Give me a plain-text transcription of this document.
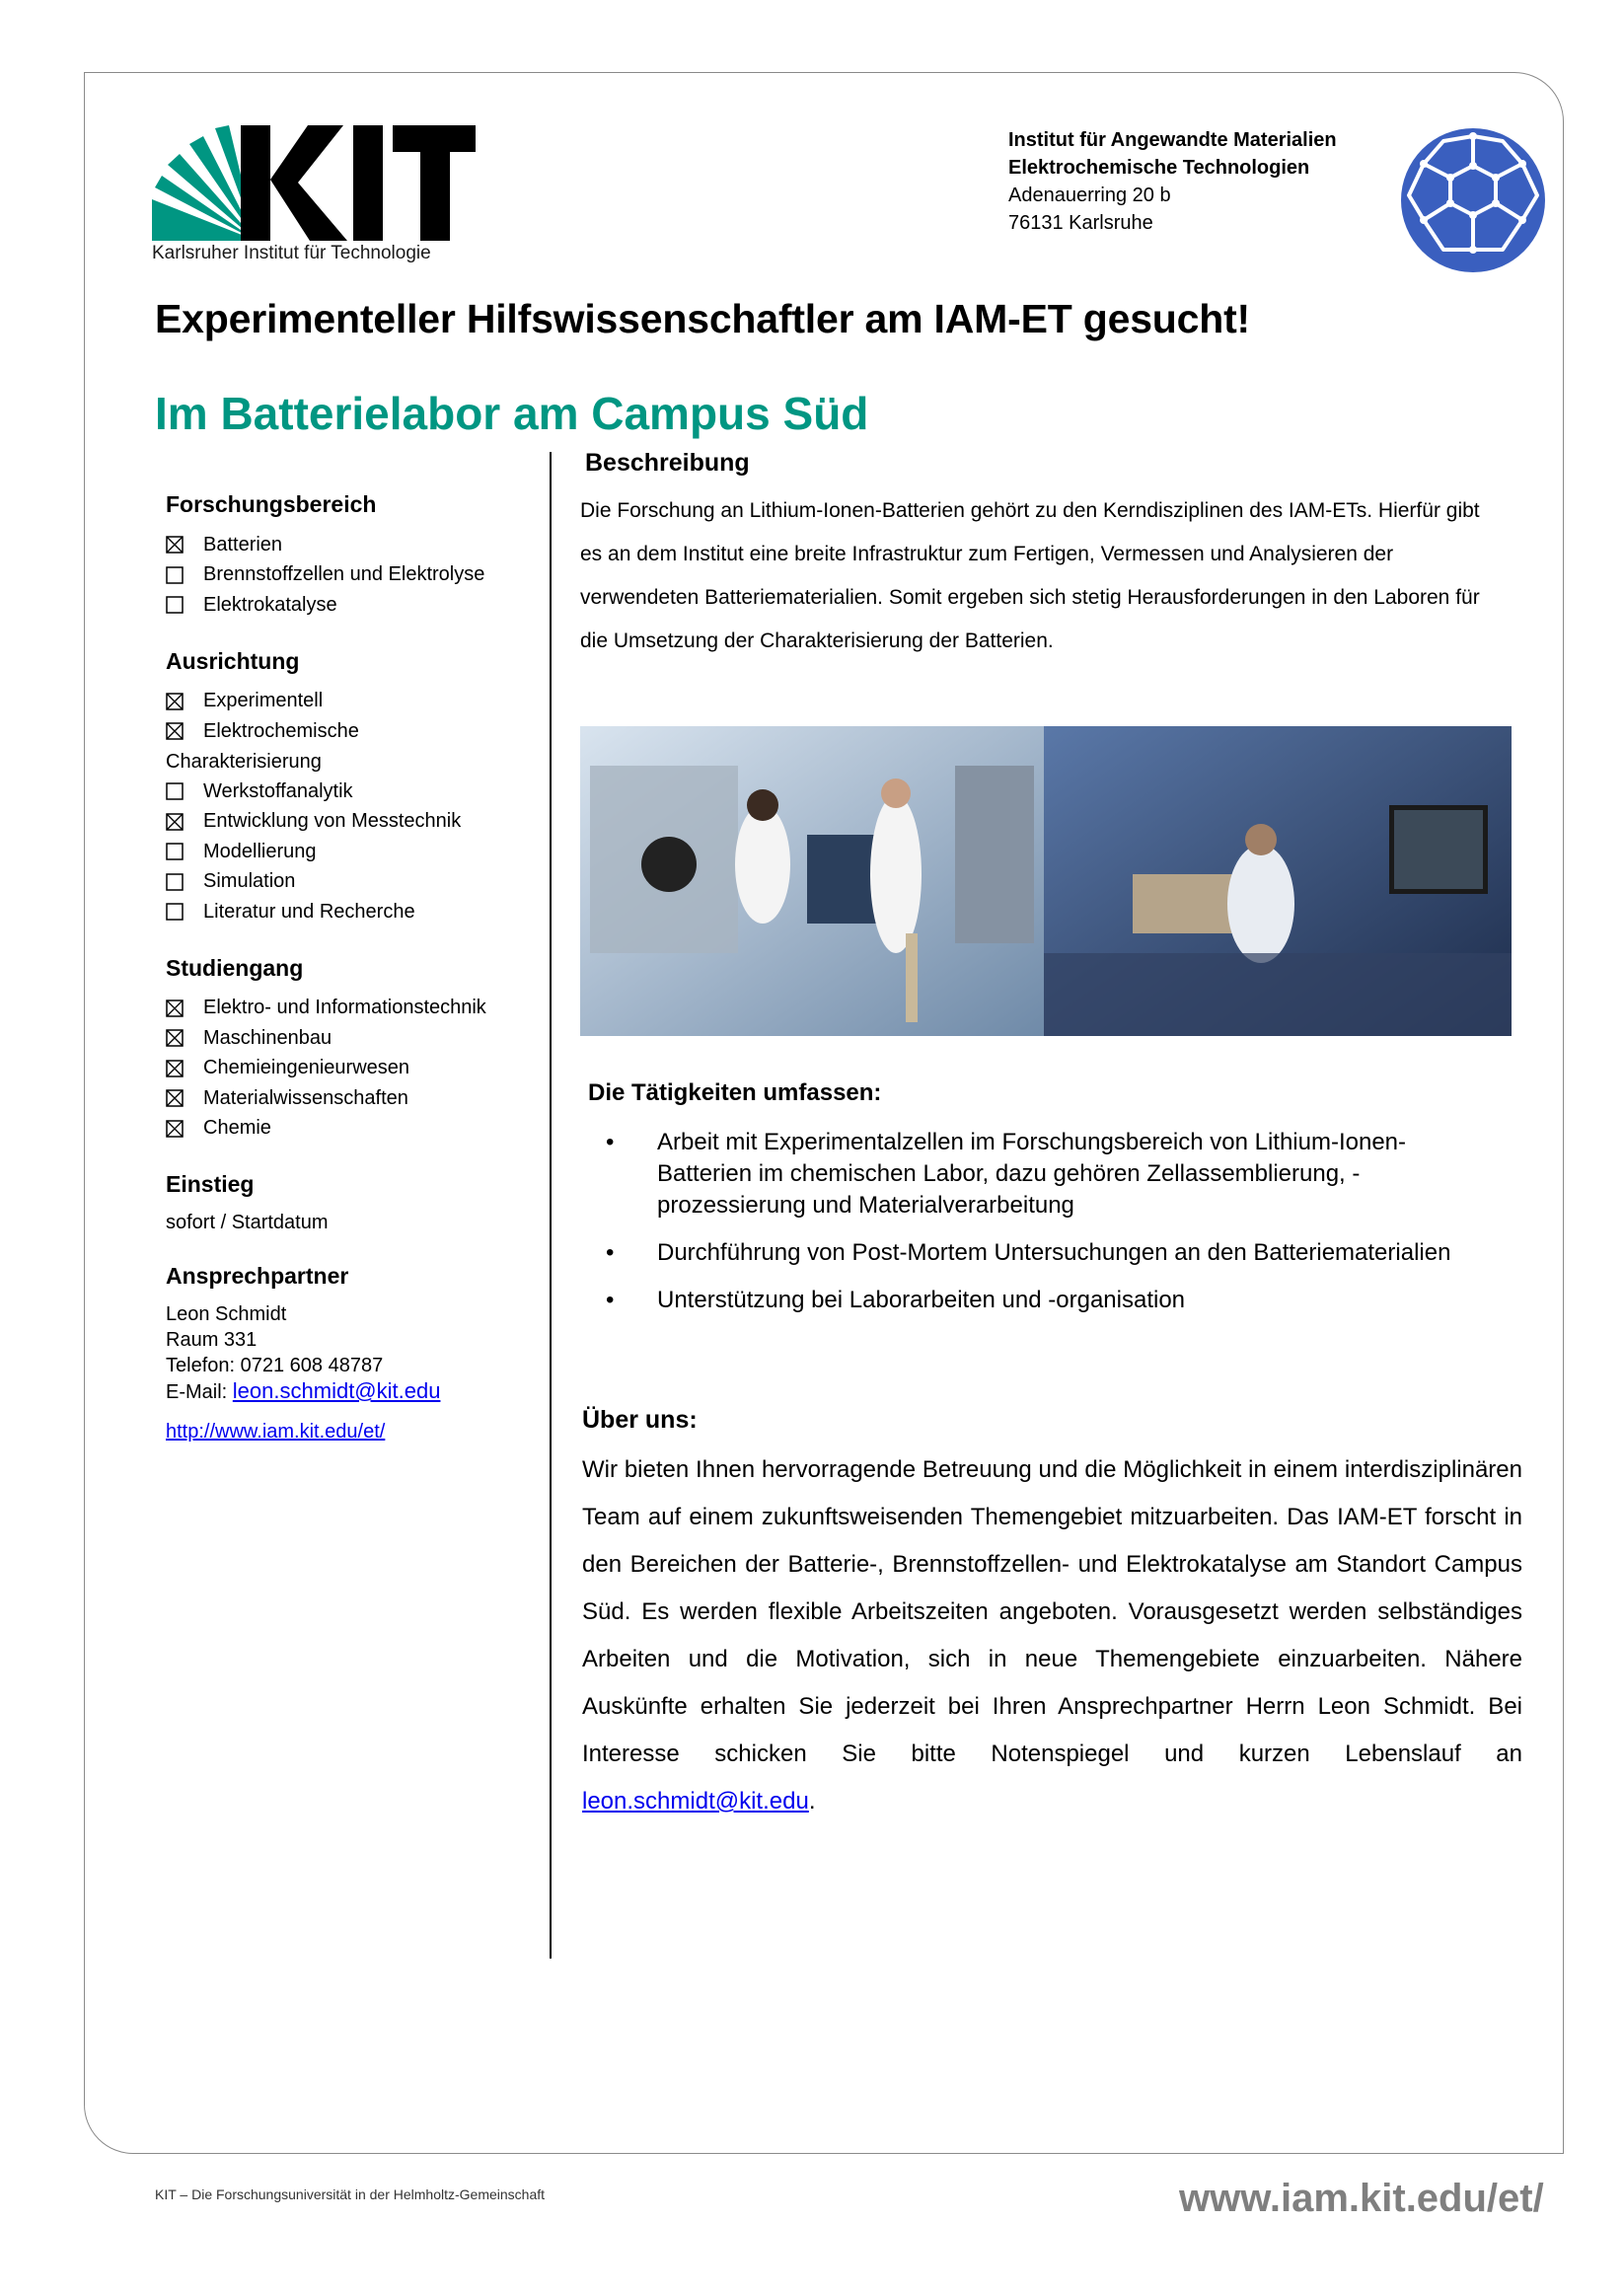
Karlsruher Institut für Technologie
Institut für Angewandte Materialien
Elektrochemische Technologien
Adenauerring 20 b
76131 Karlsruhe
Experimenteller Hilfswissenschaftler am IAM-ET gesucht!
Im Batterielabor am Campus Süd
Forschungsbereich
Batterien
Brennstoffzellen und Elektrolyse
Elektrokatalyse
Ausrichtung
Experimentell
Elektrochemische
Charakterisierung
Werkstoffanalytik
Entwicklung von Messtechnik
Modellierung
Simulation
Literatur und Recherche
Studiengang
Elektro- und Informationstechnik
Maschinenbau
Chemieingenieurwesen
Materialwissenschaften
Chemie
Einstieg

sofort / Startdatum

Ansprechpartner

Leon Schmidt

Raum 331

Telefon: 0721 608 48787

E-Mail: leon.schmidt@kit.edu

http://www.iam.kit.edu/et/

Beschreibung
Die Forschung an Lithium-Ionen-Batterien gehört zu den Kerndisziplinen des IAM-ETs. Hierfür gibt es an dem Institut eine breite Infrastruktur zum Fertigen, Vermessen und Analysieren der verwendeten Batteriematerialien. Somit ergeben sich stetig Herausforderungen in den Laboren für die Umsetzung der Charakterisierung der Batterien.
Die Tätigkeiten umfassen:
• Arbeit mit Experimentalzellen im Forschungsbereich von Lithium-Ionen-Batterien im chemischen Labor, dazu gehören Zellassemblierung, -prozessierung und Materialverarbeitung
• Durchführung von Post-Mortem Untersuchungen an den Batteriematerialien
• Unterstützung bei Laborarbeiten und -organisation
Über uns:
Wir bieten Ihnen hervorragende Betreuung und die Möglichkeit in einem interdisziplinären Team auf einem zukunftsweisenden Themengebiet mitzuarbeiten. Das IAM-ET forscht in den Bereichen der Batterie-, Brennstoffzellen- und Elektrokatalyse am Standort Campus Süd. Es werden flexible Arbeitszeiten angeboten. Vorausgesetzt werden selbständiges Arbeiten und die Motivation, sich in neue Themengebiete einzuarbeiten. Nähere Auskünfte erhalten Sie jederzeit bei Ihren Ansprechpartner Herrn Leon Schmidt. Bei Interesse schicken Sie bitte Notenspiegel und kurzen Lebenslauf an leon.schmidt@kit.edu.
KIT – Die Forschungsuniversität in der Helmholtz-Gemeinschaft	www.iam.kit.edu/et/
